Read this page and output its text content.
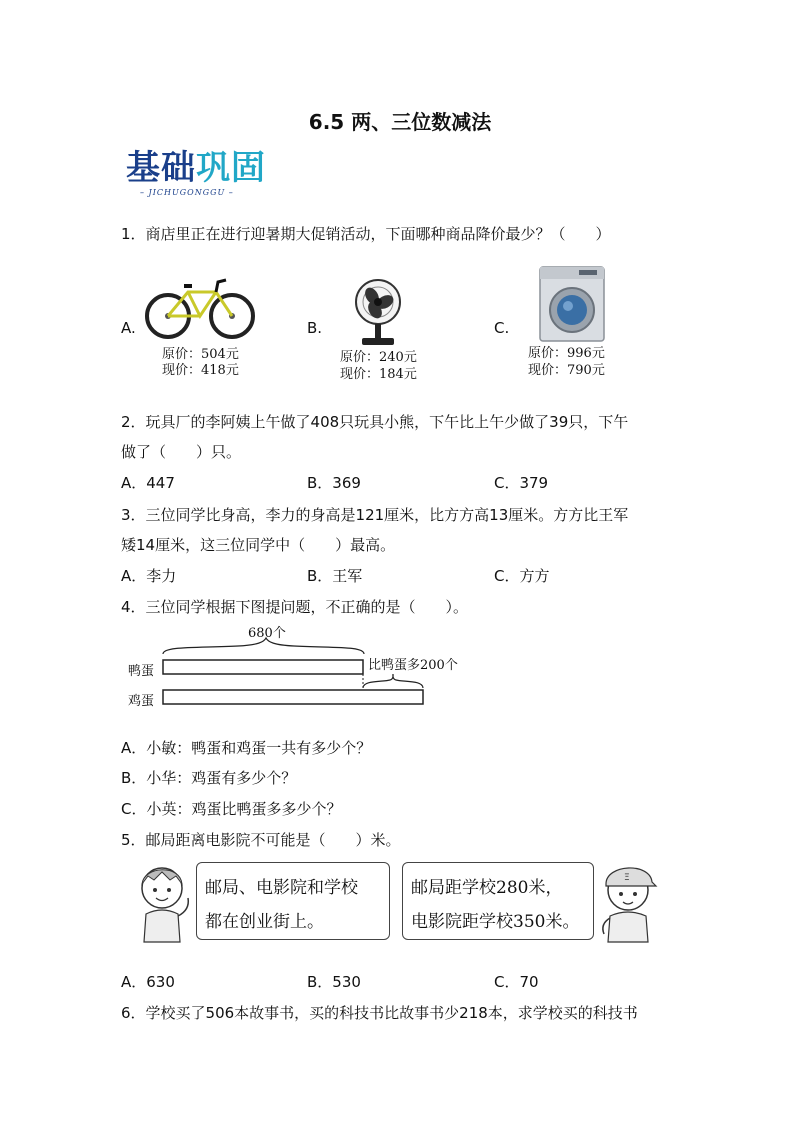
6.5 两、三位数减法
基础巩固
– JICHUGONGGU –
1．商店里正在进行迎暑期大促销活动，下面哪种商品降价最少？（　　）
A.
原价：504元
现价：418元
B.
原价：240元
现价：184元
C.
原价：996元
现价：790元
2．玩具厂的李阿姨上午做了408只玩具小熊，下午比上午少做了39只，下午
做了（　　）只。
A．447	B．369	C．379
3．三位同学比身高，李力的身高是121厘米，比方方高13厘米。方方比王军
矮14厘米，这三位同学中（　　）最高。
A．李力	B．王军	C．方方
4．三位同学根据下图提问题，不正确的是（　　）。
680个
鸭蛋
鸡蛋
比鸭蛋多200个
A．小敏：鸭蛋和鸡蛋一共有多少个？
B．小华：鸡蛋有多少个？
C．小英：鸡蛋比鸭蛋多多少个？
5．邮局距离电影院不可能是（　　）米。
邮局、电影院和学校
都在创业街上。
邮局距学校280米，
电影院距学校350米。
Ξ
A．630	B．530	C．70
6．学校买了506本故事书，买的科技书比故事书少218本，求学校买的科技书
